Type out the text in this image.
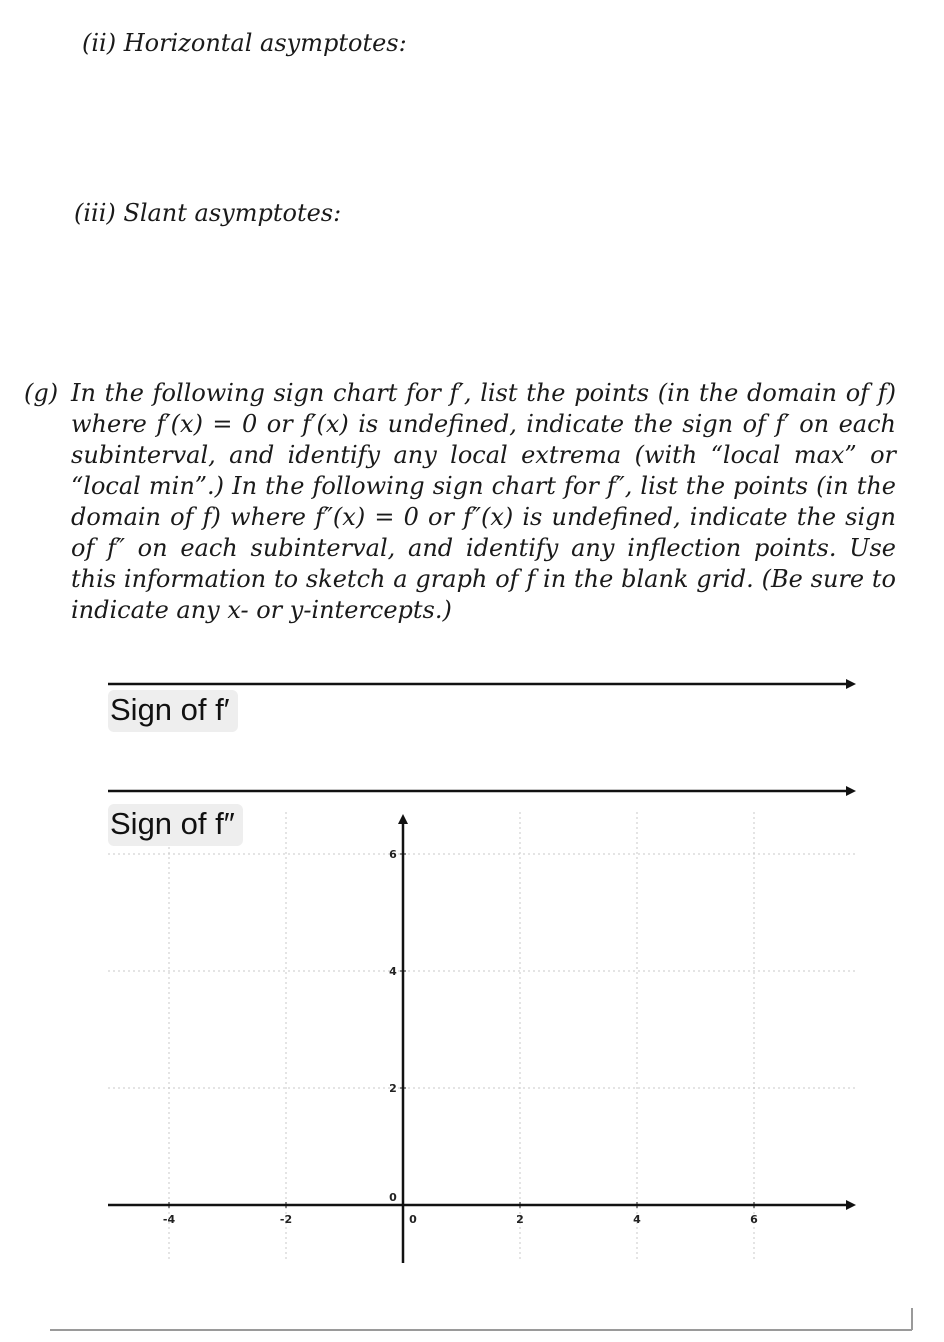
(ii) Horizontal asymptotes:

(iii) Slant asymptotes:

(g) In the following sign chart for f′, list the points (in the domain of f) where f′(x) = 0 or f′(x) is undefined, indicate the sign of f′ on each subinterval, and identify any local extrema (with “local max” or “local min”.) In the following sign chart for f″, list the points (in the domain of f) where f″(x) = 0 or f″(x) is undefined, indicate the sign of f″ on each subinterval, and identify any inflection points. Use this information to sketch a graph of f in the blank grid. (Be sure to indicate any x- or y-intercepts.)

-4	-2	0	2	4	6
6
4
2
0
Sign of f′
Sign of f″
